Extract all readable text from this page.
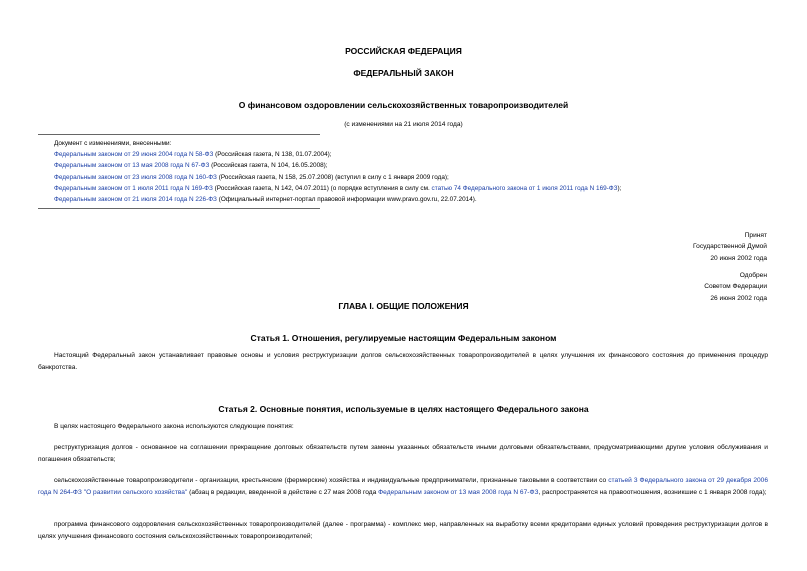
РОССИЙСКАЯ ФЕДЕРАЦИЯ
ФЕДЕРАЛЬНЫЙ ЗАКОН
О финансовом оздоровлении сельскохозяйственных товаропроизводителей
(с изменениями на 21 июля 2014 года)
Документ с изменениями, внесенными:
Федеральным законом от 29 июня 2004 года N 58-ФЗ (Российская газета, N 138, 01.07.2004);
Федеральным законом от 13 мая 2008 года N 67-ФЗ (Российская газета, N 104, 16.05.2008);
Федеральным законом от 23 июля 2008 года N 160-ФЗ (Российская газета, N 158, 25.07.2008) (вступил в силу с 1 января 2009 года);
Федеральным законом от 1 июля 2011 года N 169-ФЗ (Российская газета, N 142, 04.07.2011) (о порядке вступления в силу см. статью 74 Федерального закона от 1 июля 2011 года N 169-ФЗ);
Федеральным законом от 21 июля 2014 года N 226-ФЗ (Официальный интернет-портал правовой информации www.pravo.gov.ru, 22.07.2014).
Принят
Государственной Думой
20 июня 2002 года
Одобрен
Советом Федерации
26 июня 2002 года
ГЛАВА I. ОБЩИЕ ПОЛОЖЕНИЯ
Статья 1. Отношения, регулируемые настоящим Федеральным законом
Настоящий Федеральный закон устанавливает правовые основы и условия реструктуризации долгов сельскохозяйственных товаропроизводителей в целях улучшения их финансового состояния до применения процедур банкротства.
Статья 2. Основные понятия, используемые в целях настоящего Федерального закона
В целях настоящего Федерального закона используются следующие понятия:
реструктуризация долгов - основанное на соглашении прекращение долговых обязательств путем замены указанных обязательств иными долговыми обязательствами, предусматривающими другие условия обслуживания и погашения обязательств;
сельскохозяйственные товаропроизводители - организации, крестьянские (фермерские) хозяйства и индивидуальные предприниматели, признанные таковыми в соответствии со статьей 3 Федерального закона от 29 декабря 2006 года N 264-ФЗ "О развитии сельского хозяйства" (абзац в редакции, введенной в действие с 27 мая 2008 года Федеральным законом от 13 мая 2008 года N 67-ФЗ, распространяется на правоотношения, возникшие с 1 января 2008 года);
программа финансового оздоровления сельскохозяйственных товаропроизводителей (далее - программа) - комплекс мер, направленных на выработку всеми кредиторами единых условий проведения реструктуризации долгов в целях улучшения финансового состояния сельскохозяйственных товаропроизводителей;
